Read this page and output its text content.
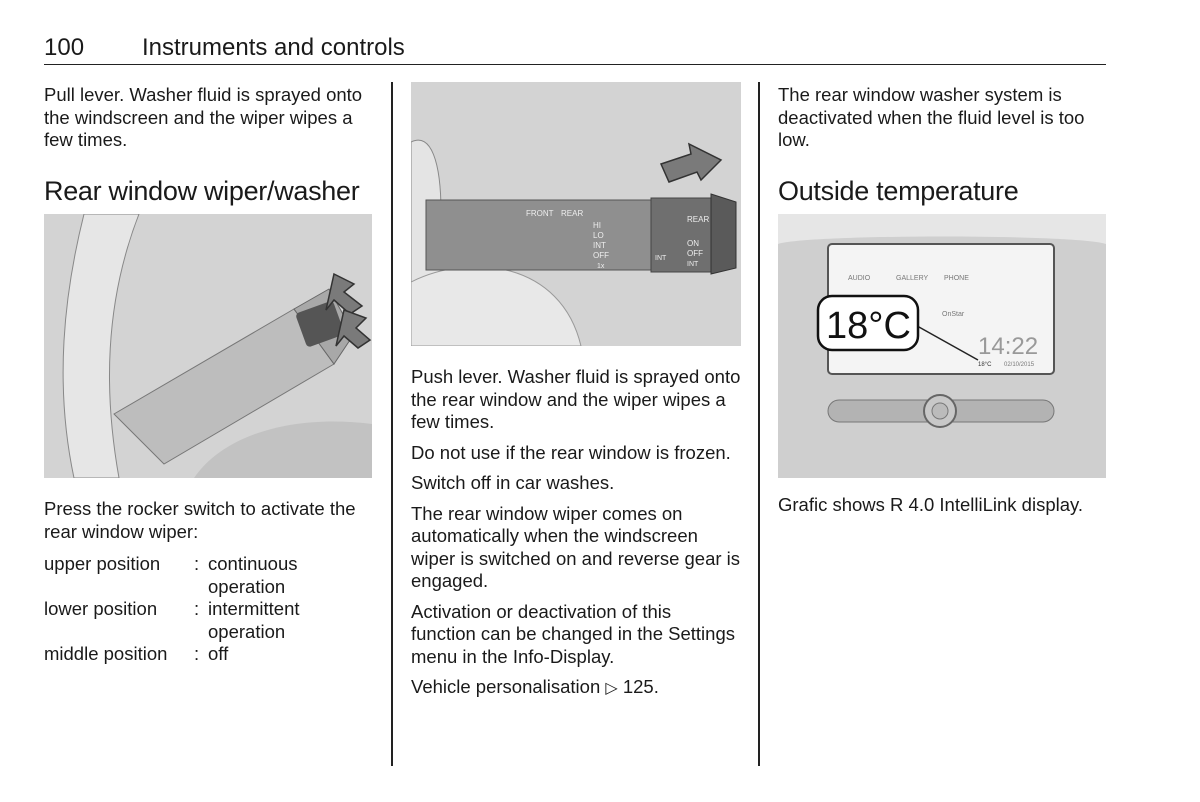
100 Instruments and controls

Pull lever. Washer fluid is sprayed onto the windscreen and the wiper wipes a few times.

Rear window wiper/washer

Press the rocker switch to activate the rear window wiper:

upper position	: continuous operation
lower position	: intermittent operation
middle position	: off
FRONT REAR
HI
LO
INT
OFF
1x
REAR
ON
OFF
INT
INT

Push lever. Washer fluid is sprayed onto the rear window and the wiper wipes a few times.

Do not use if the rear window is frozen.

Switch off in car washes.

The rear window wiper comes on automatically when the windscreen wiper is switched on and reverse gear is engaged.

Activation or deactivation of this function can be changed in the Settings menu in the Info-Display.

Vehicle personalisation ▷ 125.

The rear window washer system is deactivated when the fluid level is too low.

Outside temperature
AUDIO	GALLERY PHONE
OnStar
14:22
18°C 02/10/2015
18°C

Grafic shows R 4.0 IntelliLink display.
